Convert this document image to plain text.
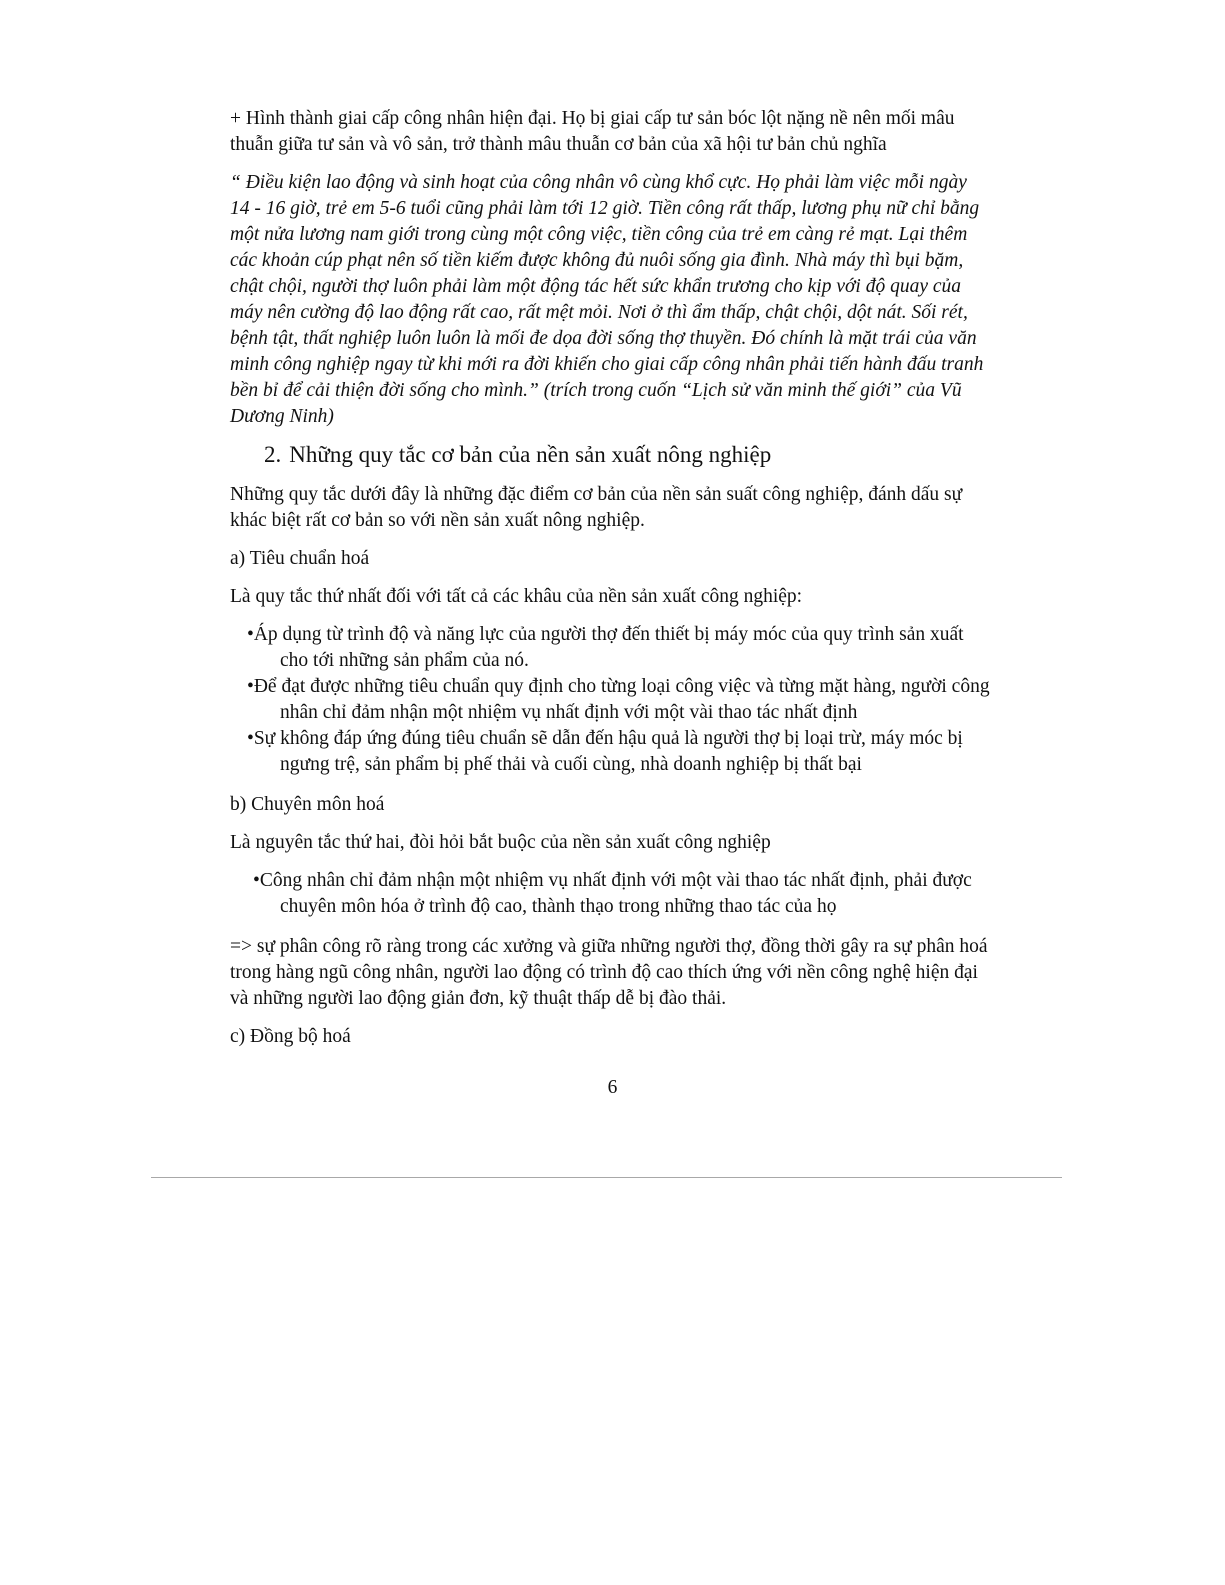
+ Hình thành giai cấp công nhân hiện đại. Họ bị giai cấp tư sản bóc lột nặng nề nên mối mâu thuẫn giữa tư sản và vô sản, trở thành mâu thuẫn cơ bản của xã hội tư bản chủ nghĩa

“ Điều kiện lao động và sinh hoạt của công nhân vô cùng khổ cực. Họ phải làm việc mỗi ngày 14 - 16 giờ, trẻ em 5-6 tuổi cũng phải làm tới 12 giờ. Tiền công rất thấp, lương phụ nữ chỉ bằng một nửa lương nam giới trong cùng một công việc, tiền công của trẻ em càng rẻ mạt. Lại thêm các khoản cúp phạt nên số tiền kiếm được không đủ nuôi sống gia đình. Nhà máy thì bụi bặm, chật chội, người thợ luôn phải làm một động tác hết sức khẩn trương cho kịp với độ quay của máy nên cường độ lao động rất cao, rất mệt mỏi. Nơi ở thì ẩm thấp, chật chội, dột nát. Sối rét, bệnh tật, thất nghiệp luôn luôn là mối đe dọa đời sống thợ thuyền. Đó chính là mặt trái của văn minh công nghiệp ngay từ khi mới ra đời khiến cho giai cấp công nhân phải tiến hành đấu tranh bền bỉ để cải thiện đời sống cho mình.” (trích trong cuốn “Lịch sử văn minh thế giới” của Vũ Dương Ninh)

2. Những quy tắc cơ bản của nền sản xuất nông nghiệp

Những quy tắc dưới đây là những đặc điểm cơ bản của nền sản suất công nghiệp, đánh dấu sự khác biệt rất cơ bản so với nền sản xuất nông nghiệp.

a) Tiêu chuẩn hoá

Là quy tắc thứ nhất đối với tất cả các khâu của nền sản xuất công nghiệp:

•Áp dụng từ trình độ và năng lực của người thợ đến thiết bị máy móc của quy trình sản xuất cho tới những sản phẩm của nó.
•Để đạt được những tiêu chuẩn quy định cho từng loại công việc và từng mặt hàng, người công nhân chỉ đảm nhận một nhiệm vụ nhất định với một vài thao tác nhất định
•Sự không đáp ứng đúng tiêu chuẩn sẽ dẫn đến hậu quả là người thợ bị loại trừ, máy móc bị ngưng trệ, sản phẩm bị phế thải và cuối cùng, nhà doanh nghiệp bị thất bại

b) Chuyên môn hoá

Là nguyên tắc thứ hai, đòi hỏi bắt buộc của nền sản xuất công nghiệp

•Công nhân chỉ đảm nhận một nhiệm vụ nhất định với một vài thao tác nhất định, phải được chuyên môn hóa ở trình độ cao, thành thạo trong những thao tác của họ

=> sự phân công rõ ràng trong các xưởng và giữa những người thợ, đồng thời gây ra sự phân hoá trong hàng ngũ công nhân, người lao động có trình độ cao thích ứng với nền công nghệ hiện đại và những người lao động giản đơn, kỹ thuật thấp dễ bị đào thải.

c) Đồng bộ hoá

6
